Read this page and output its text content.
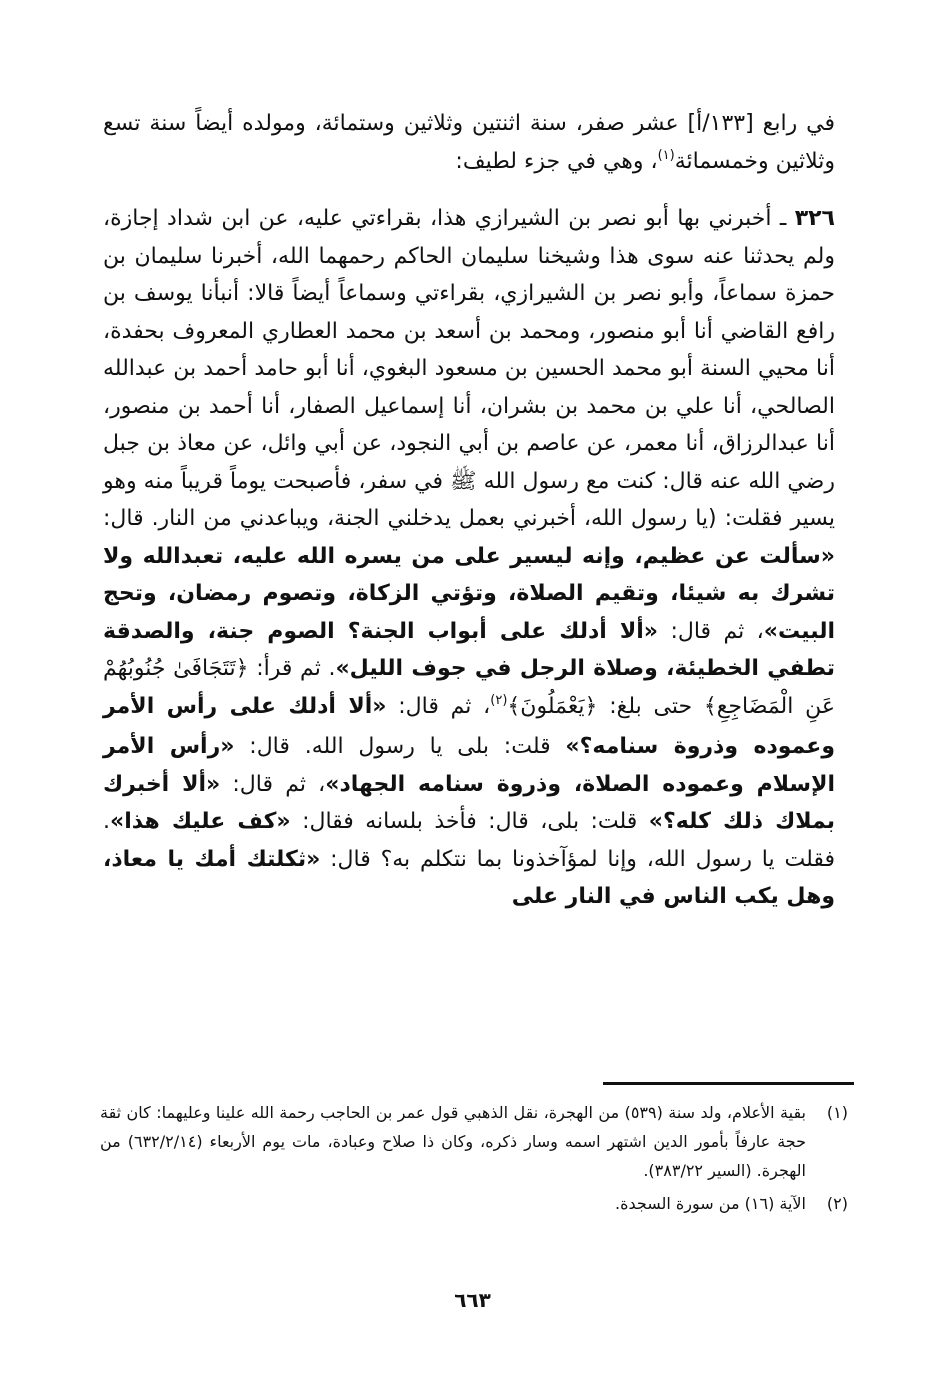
في رابع [١٣٣/أ] عشر صفر، سنة اثنتين وثلاثين وستمائة، ومولده أيضاً سنة تسع وثلاثين وخمسمائة$^{(١)}$، وهي في جزء لطيف:

٣٢٦ ـ أخبرني بها أبو نصر بن الشيرازي هذا، بقراءتي عليه، عن ابن شداد إجازة، ولم يحدثنا عنه سوى هذا وشيخنا سليمان الحاكم رحمهما الله، أخبرنا سليمان بن حمزة سماعاً، وأبو نصر بن الشيرازي، بقراءتي وسماعاً أيضاً قالا: أنبأنا يوسف بن رافع القاضي أنا أبو منصور، ومحمد بن أسعد بن محمد العطاري المعروف بحفدة، أنا محيي السنة أبو محمد الحسين بن مسعود البغوي، أنا أبو حامد أحمد بن عبدالله الصالحي، أنا علي بن محمد بن بشران، أنا إسماعيل الصفار، أنا أحمد بن منصور، أنا عبدالرزاق، أنا معمر، عن عاصم بن أبي النجود، عن أبي وائل، عن معاذ بن جبل رضي الله عنه قال: كنت مع رسول الله ﷺ في سفر، فأصبحت يوماً قريباً منه وهو يسير فقلت: (يا رسول الله، أخبرني بعمل يدخلني الجنة، ويباعدني من النار. قال: «سألت عن عظيم، وإنه ليسير على من يسره الله عليه، تعبدالله ولا تشرك به شيئا، وتقيم الصلاة، وتؤتي الزكاة، وتصوم رمضان، وتحج البيت»، ثم قال: «ألا أدلك على أبواب الجنة؟ الصوم جنة، والصدقة تطفي الخطيئة، وصلاة الرجل في جوف الليل». ثم قرأ: ﴿تَتَجَافَىٰ جُنُوبُهُمْ عَنِ الْمَضَاجِعِ﴾ حتى بلغ: ﴿يَعْمَلُونَ﴾$^{(٢)}$، ثم قال: «ألا أدلك على رأس الأمر وعموده وذروة سنامه؟» قلت: بلى يا رسول الله. قال: «رأس الأمر الإسلام وعموده الصلاة، وذروة سنامه الجهاد»، ثم قال: «ألا أخبرك بملاك ذلك كله؟» قلت: بلى، قال: فأخذ بلسانه فقال: «كف عليك هذا». فقلت يا رسول الله، وإنا لمؤآخذونا بما نتكلم به؟ قال: «ثكلتك أمك يا معاذ، وهل يكب الناس في النار على

(١)
بقية الأعلام، ولد سنة (٥٣٩) من الهجرة، نقل الذهبي قول عمر بن الحاجب رحمة الله علينا وعليهما: كان ثقة حجة عارفاً بأمور الدين اشتهر اسمه وسار ذكره، وكان ذا صلاح وعبادة، مات يوم الأربعاء (٦٣٢/٢/١٤) من الهجرة. (السير ٣٨٣/٢٢).
(٢)
الآية (١٦) من سورة السجدة.
٦٦٣
